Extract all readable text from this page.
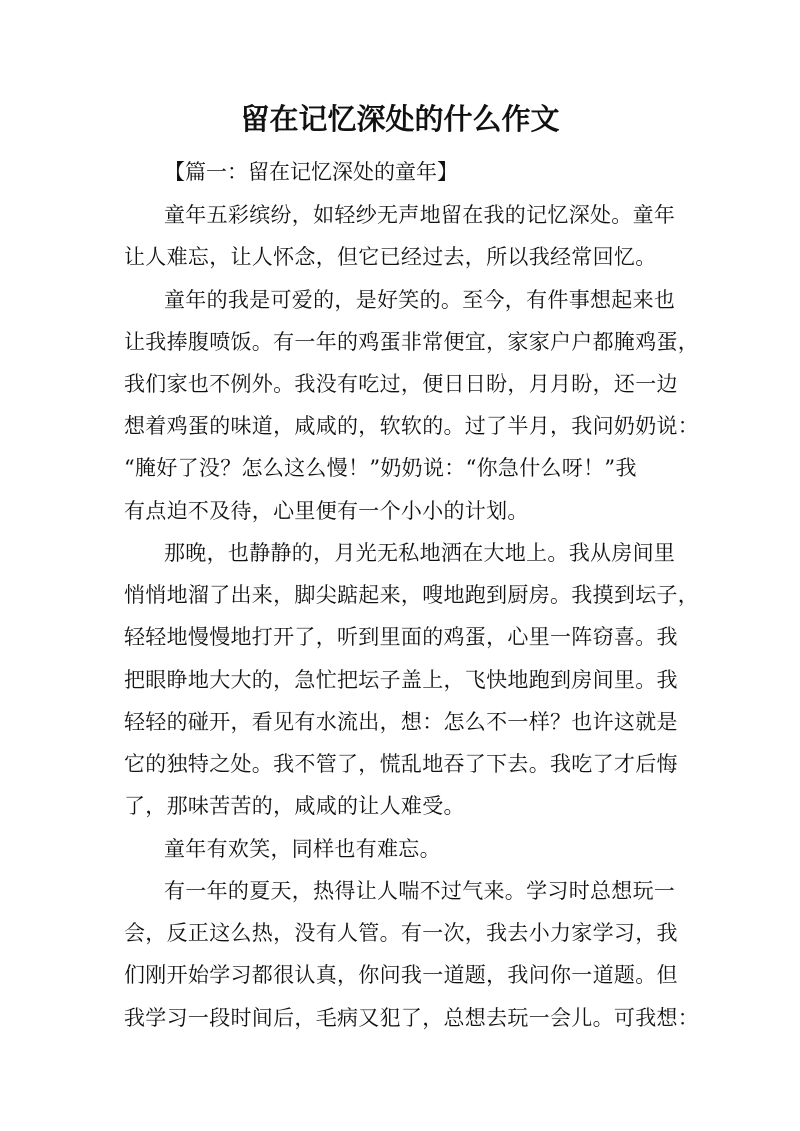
留在记忆深处的什么作文
【篇一：留在记忆深处的童年】
童年五彩缤纷，如轻纱无声地留在我的记忆深处。童年
让人难忘，让人怀念，但它已经过去，所以我经常回忆。
童年的我是可爱的，是好笑的。至今，有件事想起来也
让我捧腹喷饭。有一年的鸡蛋非常便宜，家家户户都腌鸡蛋，
我们家也不例外。我没有吃过，便日日盼，月月盼，还一边
想着鸡蛋的味道，咸咸的，软软的。过了半月，我问奶奶说：
“腌好了没？怎么这么慢！”奶奶说：“你急什么呀！”我
有点迫不及待，心里便有一个小小的计划。
那晚，也静静的，月光无私地洒在大地上。我从房间里
悄悄地溜了出来，脚尖踮起来，嗖地跑到厨房。我摸到坛子，
轻轻地慢慢地打开了，听到里面的鸡蛋，心里一阵窃喜。我
把眼睁地大大的，急忙把坛子盖上，飞快地跑到房间里。我
轻轻的碰开，看见有水流出，想：怎么不一样？也许这就是
它的独特之处。我不管了，慌乱地吞了下去。我吃了才后悔
了，那味苦苦的，咸咸的让人难受。
童年有欢笑，同样也有难忘。
有一年的夏天，热得让人喘不过气来。学习时总想玩一
会，反正这么热，没有人管。有一次，我去小力家学习，我
们刚开始学习都很认真，你问我一道题，我问你一道题。但
我学习一段时间后，毛病又犯了，总想去玩一会儿。可我想：
